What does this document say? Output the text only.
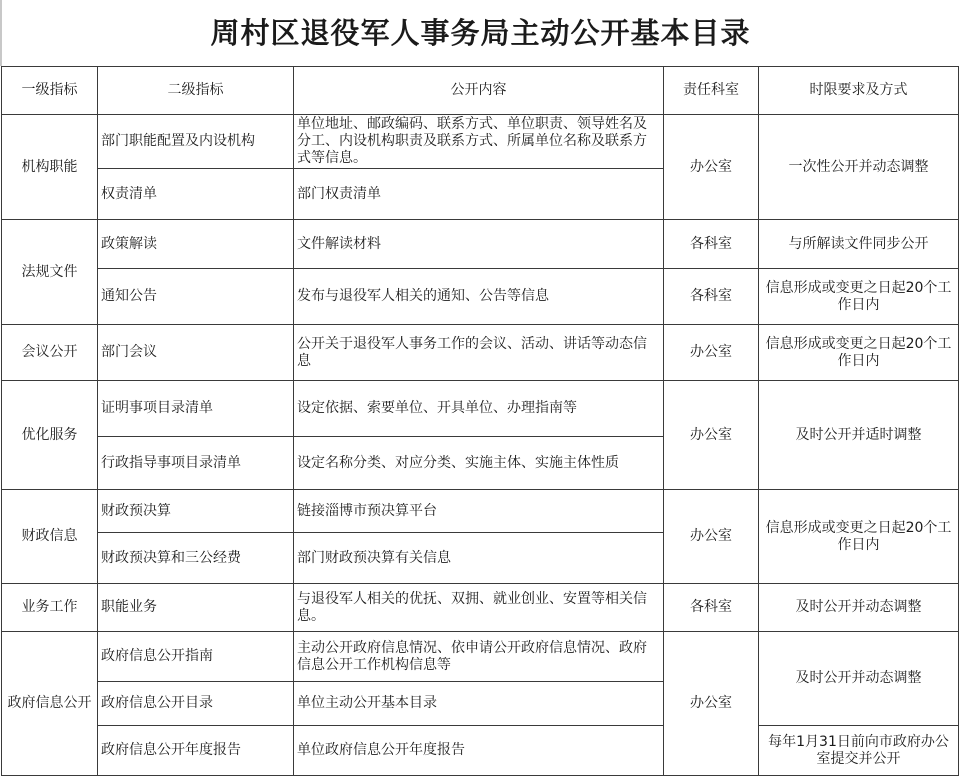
周村区退役军人事务局主动公开基本目录
一级指标	二级指标	公开内容	责任科室	时限要求及方式
机构职能	部门职能配置及内设机构	单位地址、邮政编码、联系方式、单位职责、领导姓名及分工、内设机构职责及联系方式、所属单位名称及联系方式等信息。	办公室	一次性公开并动态调整
	权责清单	部门权责清单		
法规文件	政策解读	文件解读材料	各科室	与所解读文件同步公开
	通知公告	发布与退役军人相关的通知、公告等信息	各科室	信息形成或变更之日起20个工作日内
会议公开	部门会议	公开关于退役军人事务工作的会议、活动、讲话等动态信息	办公室	信息形成或变更之日起20个工作日内
优化服务	证明事项目录清单	设定依据、索要单位、开具单位、办理指南等	办公室	及时公开并适时调整
	行政指导事项目录清单	设定名称分类、对应分类、实施主体、实施主体性质		
财政信息	财政预决算	链接淄博市预决算平台	办公室	信息形成或变更之日起20个工作日内
	财政预决算和三公经费	部门财政预决算有关信息		
业务工作	职能业务	与退役军人相关的优抚、双拥、就业创业、安置等相关信息。	各科室	及时公开并动态调整
政府信息公开	政府信息公开指南	主动公开政府信息情况、依申请公开政府信息情况、政府信息公开工作机构信息等	办公室	及时公开并动态调整
	政府信息公开目录	单位主动公开基本目录		
	政府信息公开年度报告	单位政府信息公开年度报告		每年1月31日前向市政府办公室提交并公开
